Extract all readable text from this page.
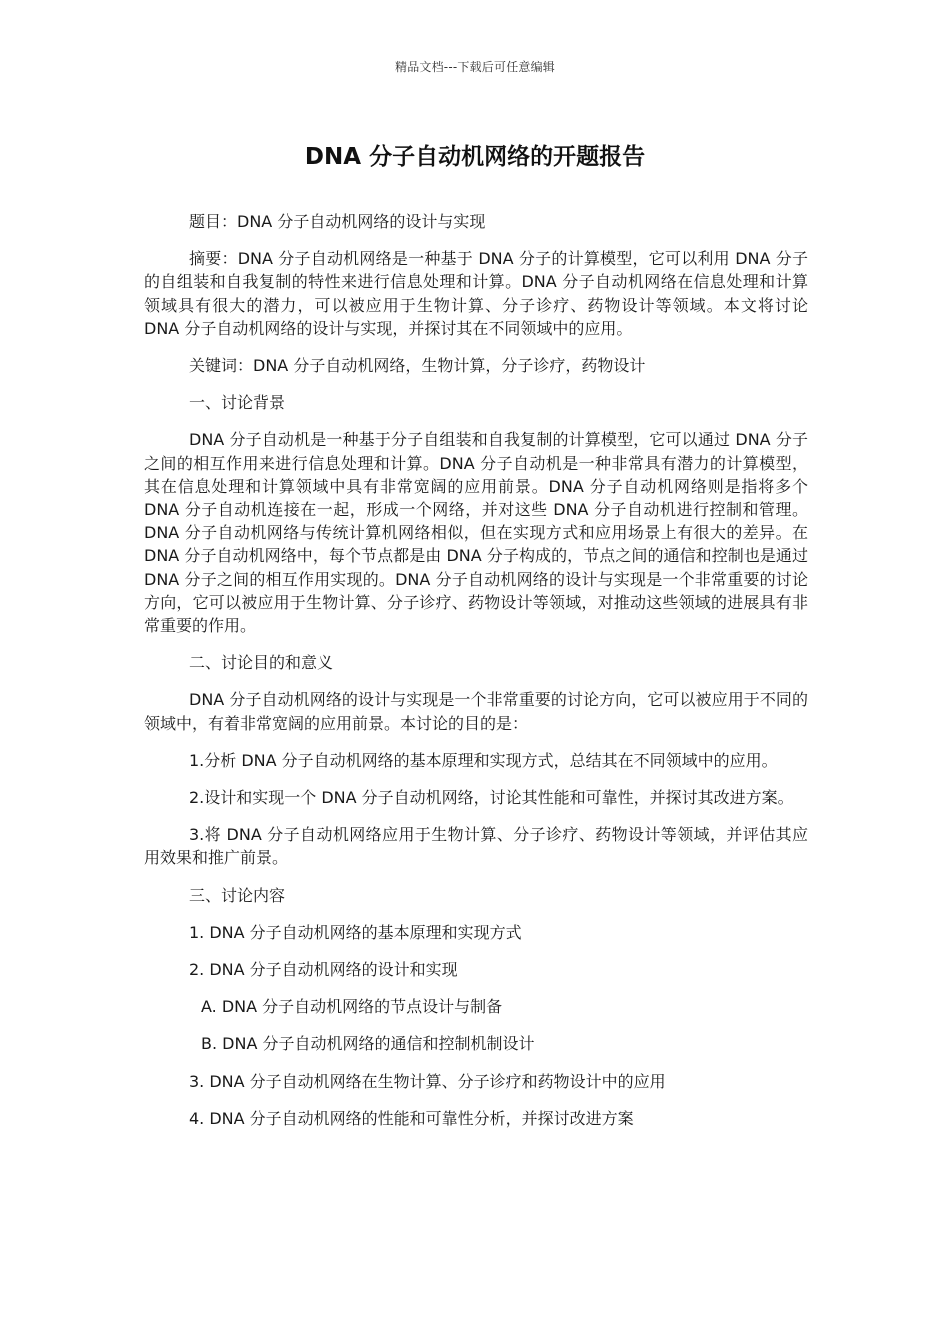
精品文档---下载后可任意编辑
DNA 分子自动机网络的开题报告

题目：DNA 分子自动机网络的设计与实现

摘要：DNA 分子自动机网络是一种基于 DNA 分子的计算模型，它可以利用 DNA 分子的自组装和自我复制的特性来进行信息处理和计算。DNA 分子自动机网络在信息处理和计算领域具有很大的潜力，可以被应用于生物计算、分子诊疗、药物设计等领域。本文将讨论 DNA 分子自动机网络的设计与实现，并探讨其在不同领域中的应用。

关键词：DNA 分子自动机网络，生物计算，分子诊疗，药物设计

一、讨论背景

DNA 分子自动机是一种基于分子自组装和自我复制的计算模型，它可以通过 DNA 分子之间的相互作用来进行信息处理和计算。DNA 分子自动机是一种非常具有潜力的计算模型，其在信息处理和计算领域中具有非常宽阔的应用前景。DNA 分子自动机网络则是指将多个 DNA 分子自动机连接在一起，形成一个网络，并对这些 DNA 分子自动机进行控制和管理。DNA 分子自动机网络与传统计算机网络相似，但在实现方式和应用场景上有很大的差异。在 DNA 分子自动机网络中，每个节点都是由 DNA 分子构成的，节点之间的通信和控制也是通过 DNA 分子之间的相互作用实现的。DNA 分子自动机网络的设计与实现是一个非常重要的讨论方向，它可以被应用于生物计算、分子诊疗、药物设计等领域，对推动这些领域的进展具有非常重要的作用。

二、讨论目的和意义

DNA 分子自动机网络的设计与实现是一个非常重要的讨论方向，它可以被应用于不同的领域中，有着非常宽阔的应用前景。本讨论的目的是：

1.分析 DNA 分子自动机网络的基本原理和实现方式，总结其在不同领域中的应用。

2.设计和实现一个 DNA 分子自动机网络，讨论其性能和可靠性，并探讨其改进方案。

3.将 DNA 分子自动机网络应用于生物计算、分子诊疗、药物设计等领域，并评估其应用效果和推广前景。

三、讨论内容

1. DNA 分子自动机网络的基本原理和实现方式

2. DNA 分子自动机网络的设计和实现

A. DNA 分子自动机网络的节点设计与制备

B. DNA 分子自动机网络的通信和控制机制设计

3. DNA 分子自动机网络在生物计算、分子诊疗和药物设计中的应用

4. DNA 分子自动机网络的性能和可靠性分析，并探讨改进方案
